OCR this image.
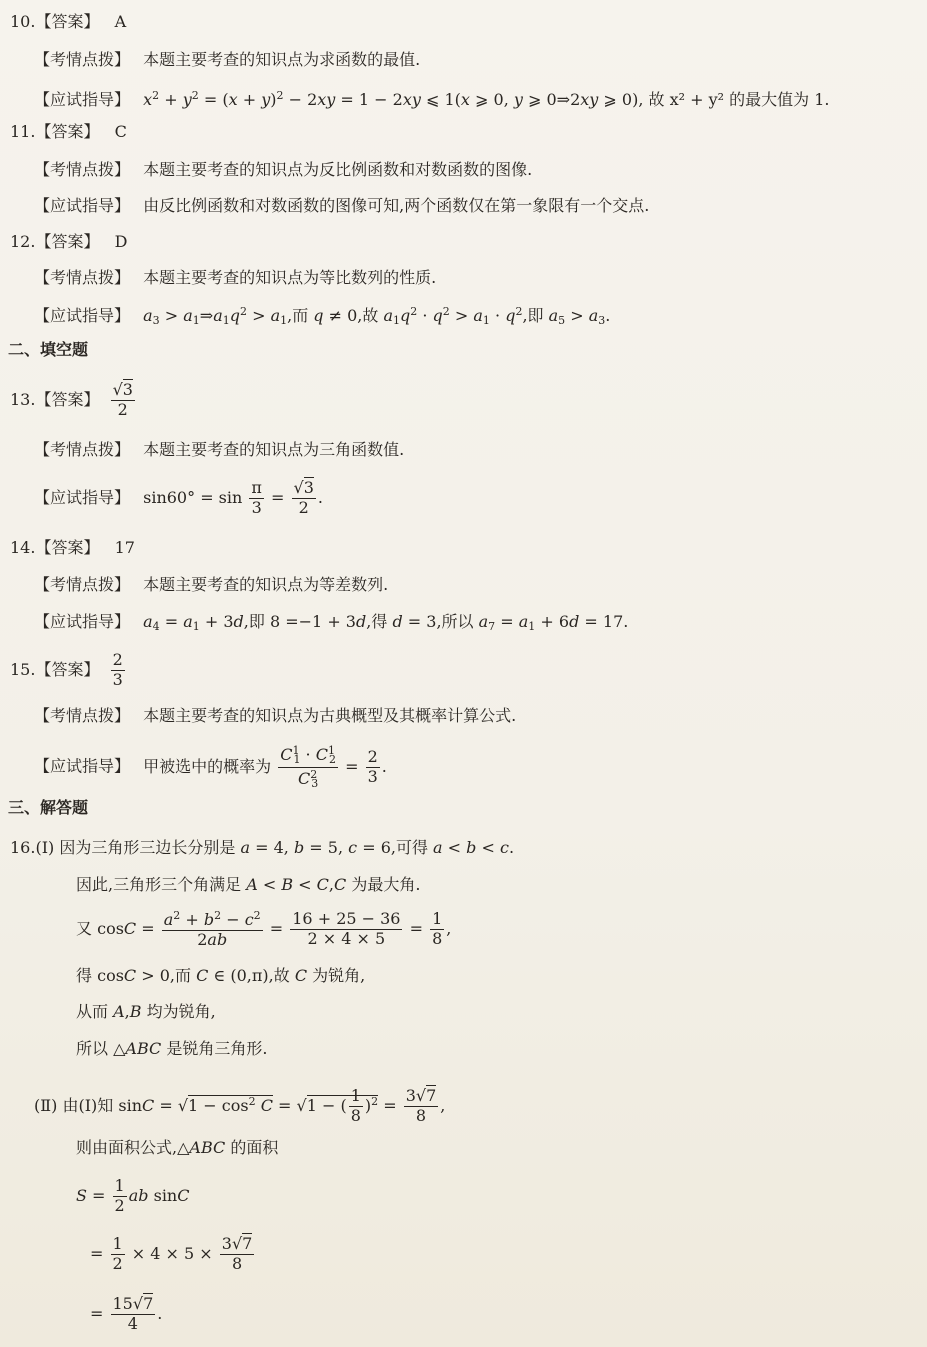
10.【答案】 A
【考情点拨】 本题主要考查的知识点为求函数的最值.
【应试指导】 $x^2 + y^2 = (x + y)^2 - 2xy = 1 - 2xy$ ⩽ 1(x ⩾ 0, y ⩾ 0⇒2xy ⩾ 0), 故 x² + y² 的最大值为 1.
11.【答案】 C
【考情点拨】 本题主要考查的知识点为反比例函数和对数函数的图像.
【应试指导】 由反比例函数和对数函数的图像可知,两个函数仅在第一象限有一个交点.
12.【答案】 D
【考情点拨】 本题主要考查的知识点为等比数列的性质.
【应试指导】 $a_3$ > $a_1\Rightarrow a_1q^2 > a_1$,而 q ≠ 0,故 $a_1q^2 \cdot q^2 > a_1 \cdot q^2$,即 $a_5 > a_3$.
二、填空题
13.【答案】 $\frac{√3}{2}$
【考情点拨】 本题主要考查的知识点为三角函数值.
【应试指导】 $\sin 60^\circ = \sin \frac{\pi}{3} = \frac{√3}{2}$ .
14.【答案】 17
【考情点拨】 本题主要考查的知识点为等差数列.
【应试指导】 $a_4 = a_1 + 3d$,即 8 =−1 + 3d,得 d = 3,所以 $a_7 = a_1 + 6d = 17$.
15.【答案】 $\frac{2}{3}$
【考情点拨】 本题主要考查的知识点为古典概型及其概率计算公式.
【应试指导】 甲被选中的概率为 $\frac{C^1_1 \cdot C^1_2}{C^2_3} = \frac{2}{3}$ .
三、解答题
16.(Ⅰ) 因为三角形三边长分别是 a = 4, b = 5, c = 6,可得 a < b < c.
因此,三角形三个角满足 A < B < C,C 为最大角.
又 $\cos C = \frac{a^2 + b^2 - c^2}{2ab} = \frac{16 + 25 - 36}{2 \times 4 \times 5} = \frac{1}{8}$ ,
得 cosC > 0,而 C ∈ (0,π),故 C 为锐角,
从而 A,B 均为锐角,
所以 △ABC 是锐角三角形.
(Ⅱ) 由(Ⅰ)知 $\sin C = √1 - \cos^2 C = √1$ − ( $\frac{1}{8} )^2 = \frac{3√7}{8}$ ,
则由面积公式,△ABC 的面积
$S = \frac{1}{2}$ ab sinC
= $\frac{1}{2} \times 4 \times 5 \times \frac{3√7}{8}$
= $\frac{15√7}{4}$ .
